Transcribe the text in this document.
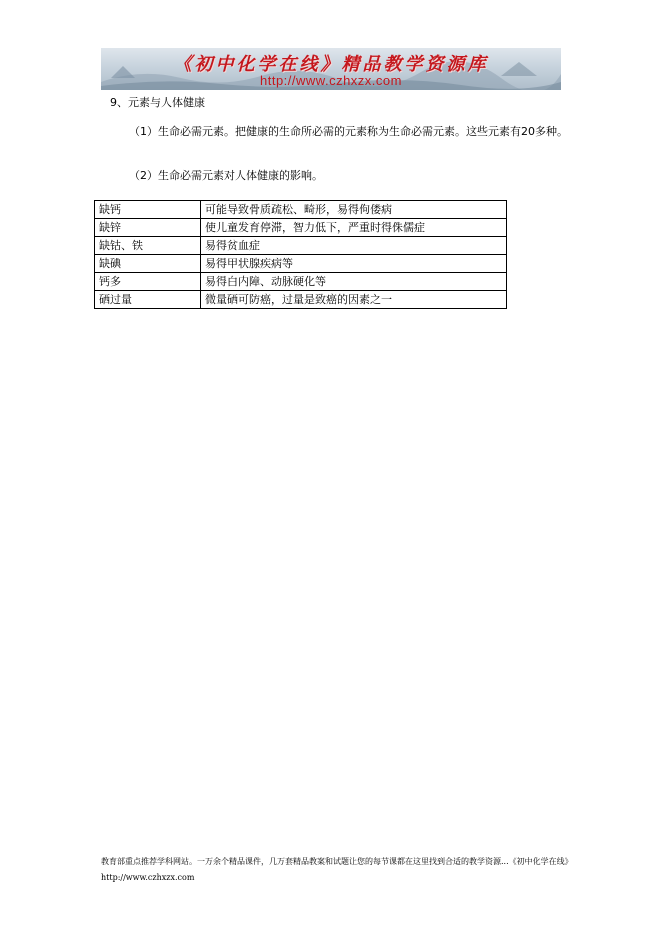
《初中化学在线》精品教学资源库
http://www.czhxzx.com
9、元素与人体健康
（1）生命必需元素。把健康的生命所必需的元素称为生命必需元素。这些元素有20多种。
（2）生命必需元素对人体健康的影响。
缺钙	可能导致骨质疏松、畸形，易得佝偻病
缺锌	使儿童发育停滞，智力低下，严重时得侏儒症
缺钴、铁	易得贫血症
缺碘	易得甲状腺疾病等
钙多	易得白内障、动脉硬化等
硒过量	微量硒可防癌，过量是致癌的因素之一
教育部重点推荐学科网站。一万余个精品课件，几万套精品教案和试题让您的每节课都在这里找到合适的教学资源...《初中化学在线》http://www.czhxzx.com
